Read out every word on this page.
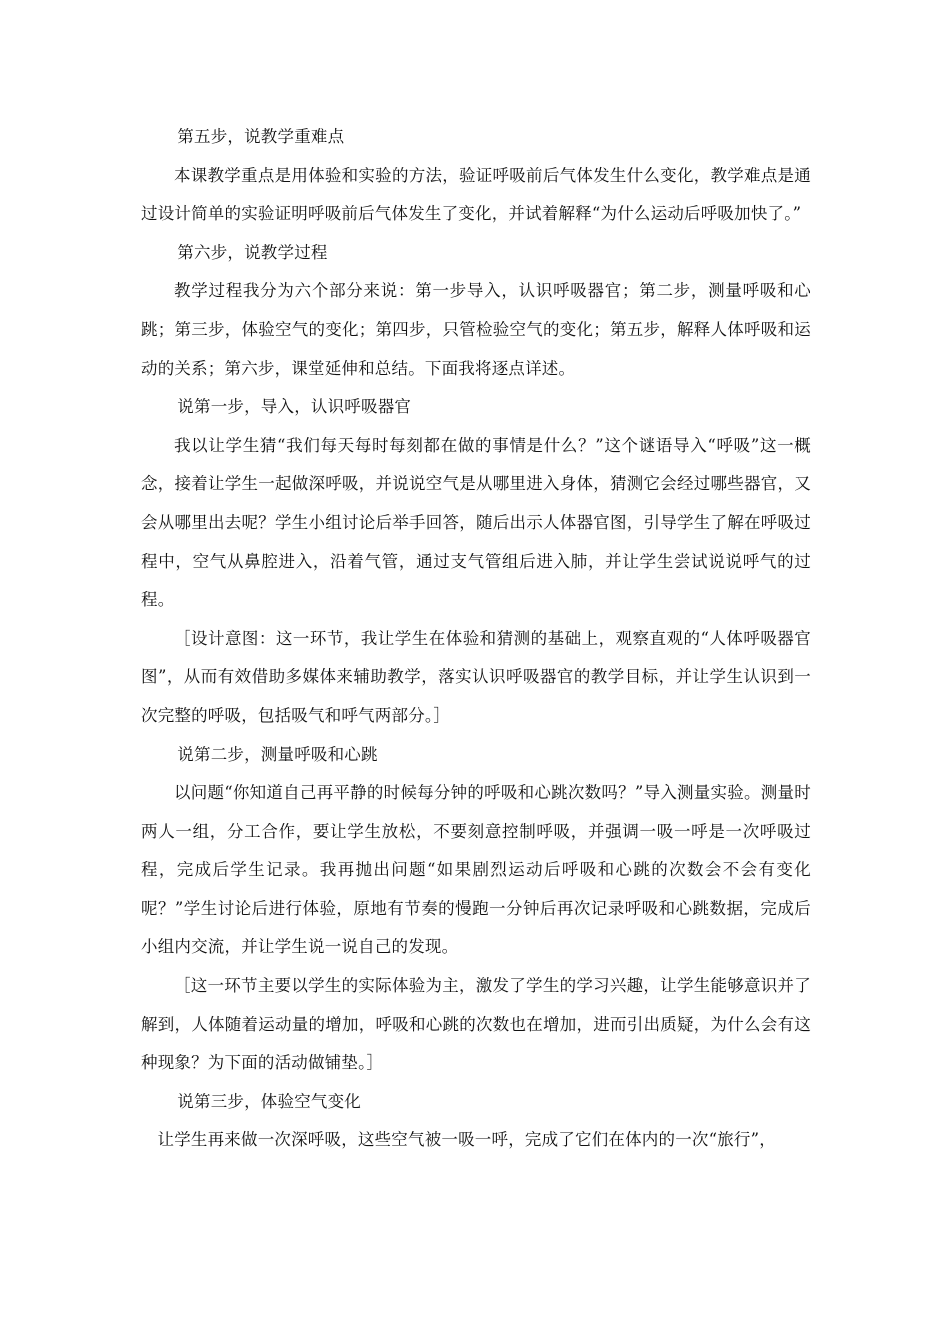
第五步，说教学重难点

本课教学重点是用体验和实验的方法，验证呼吸前后气体发生什么变化，教学难点是通过设计简单的实验证明呼吸前后气体发生了变化，并试着解释“为什么运动后呼吸加快了。”

第六步，说教学过程

教学过程我分为六个部分来说：第一步导入，认识呼吸器官；第二步，测量呼吸和心跳；第三步，体验空气的变化；第四步，只管检验空气的变化；第五步，解释人体呼吸和运动的关系；第六步，课堂延伸和总结。下面我将逐点详述。

说第一步，导入，认识呼吸器官

我以让学生猜“我们每天每时每刻都在做的事情是什么？”这个谜语导入“呼吸”这一概念，接着让学生一起做深呼吸，并说说空气是从哪里进入身体，猜测它会经过哪些器官，又会从哪里出去呢？学生小组讨论后举手回答，随后出示人体器官图，引导学生了解在呼吸过程中，空气从鼻腔进入，沿着气管，通过支气管组后进入肺，并让学生尝试说说呼气的过程。

［设计意图：这一环节，我让学生在体验和猜测的基础上，观察直观的“人体呼吸器官图”，从而有效借助多媒体来辅助教学，落实认识呼吸器官的教学目标，并让学生认识到一次完整的呼吸，包括吸气和呼气两部分。］

说第二步，测量呼吸和心跳

以问题“你知道自己再平静的时候每分钟的呼吸和心跳次数吗？”导入测量实验。测量时两人一组，分工合作，要让学生放松，不要刻意控制呼吸，并强调一吸一呼是一次呼吸过程，完成后学生记录。我再抛出问题“如果剧烈运动后呼吸和心跳的次数会不会有变化呢？”学生讨论后进行体验，原地有节奏的慢跑一分钟后再次记录呼吸和心跳数据，完成后小组内交流，并让学生说一说自己的发现。

［这一环节主要以学生的实际体验为主，激发了学生的学习兴趣，让学生能够意识并了解到，人体随着运动量的增加，呼吸和心跳的次数也在增加，进而引出质疑，为什么会有这种现象？为下面的活动做铺垫。］

说第三步，体验空气变化

让学生再来做一次深呼吸，这些空气被一吸一呼，完成了它们在体内的一次“旅行”，
